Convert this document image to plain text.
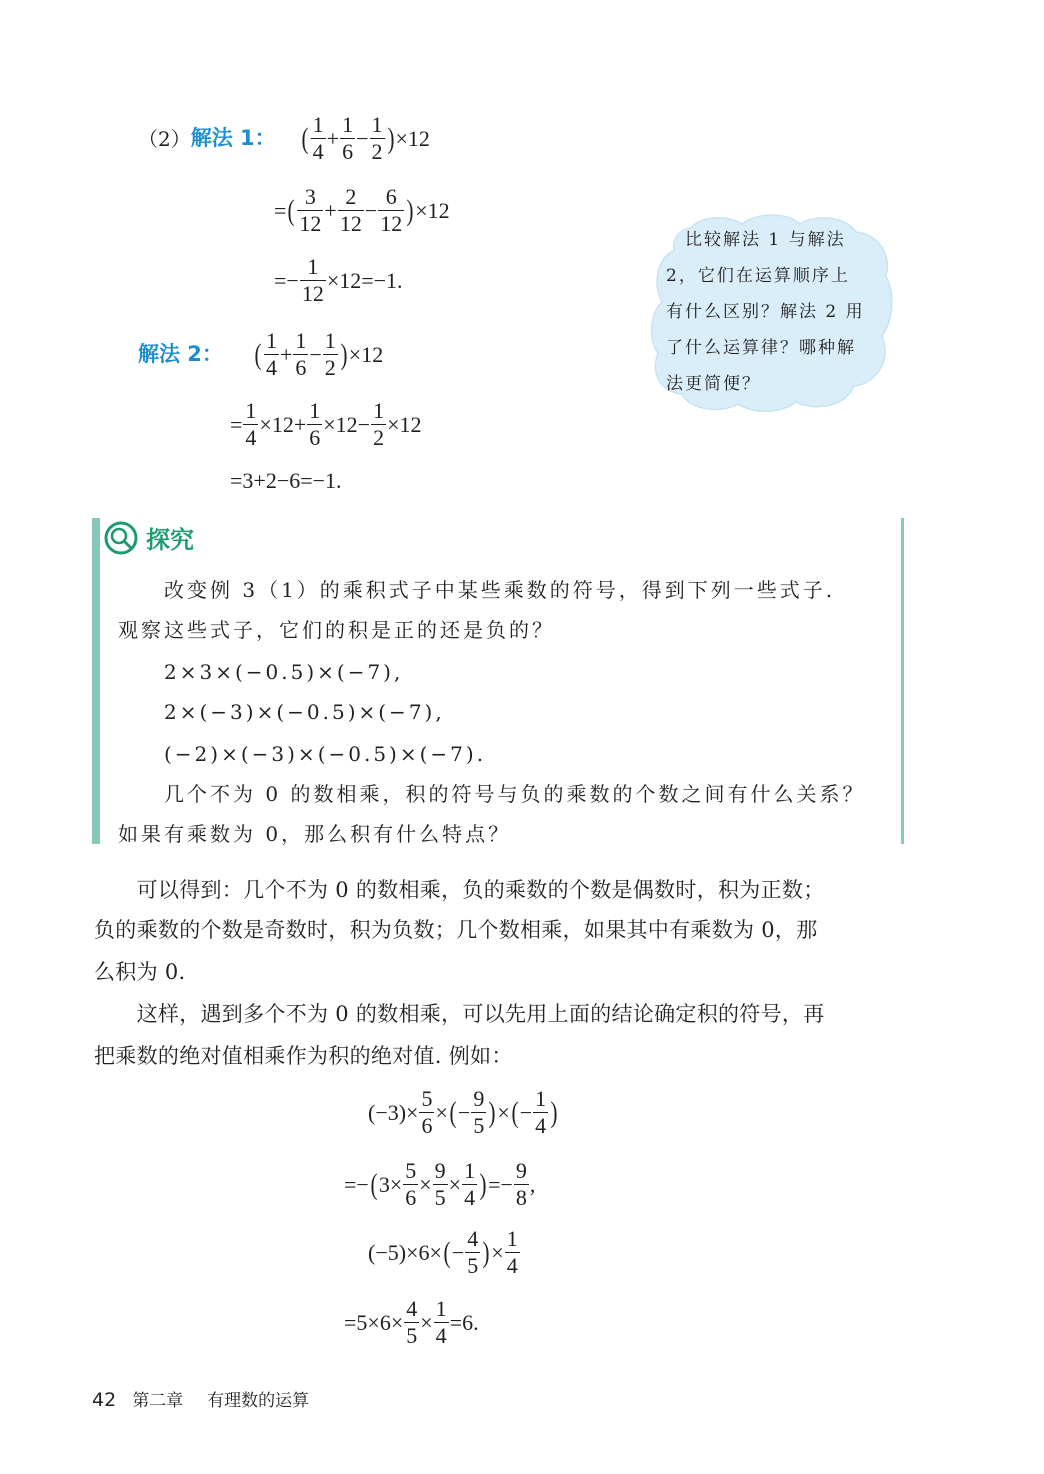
（2） 解法 1： ( $\frac{1}{4} + \frac{1}{6} - \frac{1}{2}$ ) ×12
= ( $\frac{3}{12} + \frac{2}{12} - \frac{6}{12}$ ) ×12
=− $\frac{1}{12} \times 12=-1$.
解法 2： ( $\frac{1}{4} + \frac{1}{6} - \frac{1}{2}$ ) ×12
= $\frac{1}{4} \times 12+ \frac{1}{6} \times 12- \frac{1}{2} \times 12$
=3+2−6=−1.
　比较解法 1 与解法
2，它们在运算顺序上
有什么区别？解法 2 用
了什么运算律？哪种解
法更简便？
探究
　　改变例 3（1）的乘积式子中某些乘数的符号，得到下列一些式子.
观察这些式子，它们的积是正的还是负的？
　　2×3×(−0.5)×(−7),
　　2×(−3)×(−0.5)×(−7),
　　(−2)×(−3)×(−0.5)×(−7).
　　几个不为 0 的数相乘，积的符号与负的乘数的个数之间有什么关系？
如果有乘数为 0，那么积有什么特点？
　　可以得到：几个不为 0 的数相乘，负的乘数的个数是偶数时，积为正数；
负的乘数的个数是奇数时，积为负数；几个数相乘，如果其中有乘数为 0，那
么积为 0.
　　这样，遇到多个不为 0 的数相乘，可以先用上面的结论确定积的符号，再
把乘数的绝对值相乘作为积的绝对值. 例如：
$(-3)\times \frac{5}{6}$ × ( − $\frac{9}{5}$ ) × ( − $\frac{1}{4}$ )
=− ( $3\times \frac{5}{6} \times \frac{9}{5} \times \frac{1}{4}$ ) =− $\frac{9}{8}$ ,
(−5)×6× ( − $\frac{4}{5}$ ) × $\frac{1}{4}$
$=5\times 6\times \frac{4}{5} \times \frac{1}{4} =6$.
42 第二章 有理数的运算
